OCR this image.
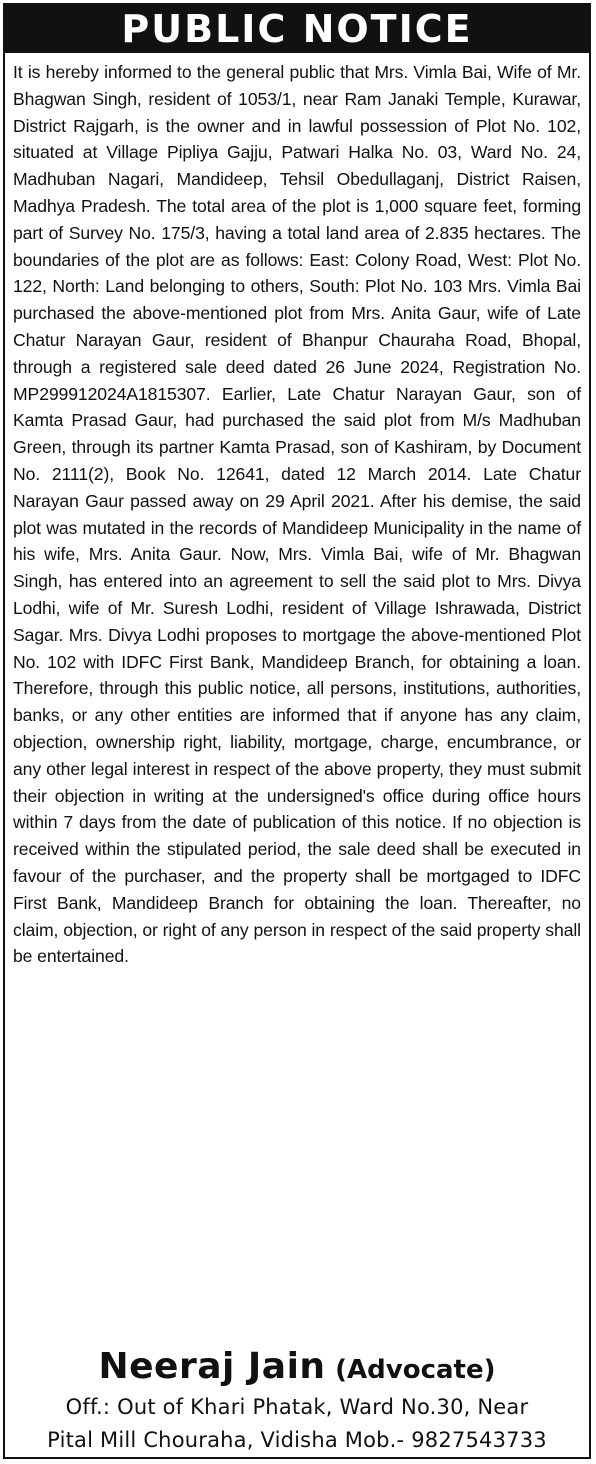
PUBLIC NOTICE

It is hereby informed to the general public that Mrs. Vimla Bai, Wife of Mr. Bhagwan Singh, resident of 1053/1, near Ram Janaki Temple, Kurawar, District Rajgarh, is the owner and in lawful possession of Plot No. 102, situated at Village Pipliya Gajju, Patwari Halka No. 03, Ward No. 24, Madhuban Nagari, Mandideep, Tehsil Obedullaganj, District Raisen, Madhya Pradesh. The total area of the plot is 1,000 square feet, forming part of Survey No. 175/3, having a total land area of 2.835 hectares. The boundaries of the plot are as follows: East: Colony Road, West: Plot No. 122, North: Land belonging to others, South: Plot No. 103 Mrs. Vimla Bai purchased the above-mentioned plot from Mrs. Anita Gaur, wife of Late Chatur Narayan Gaur, resident of Bhanpur Chauraha Road, Bhopal, through a registered sale deed dated 26 June 2024, Registration No. MP299912024A1815307. Earlier, Late Chatur Narayan Gaur, son of Kamta Prasad Gaur, had purchased the said plot from M/s Madhuban Green, through its partner Kamta Prasad, son of Kashiram, by Document No. 2111(2), Book No. 12641, dated 12 March 2014. Late Chatur Narayan Gaur passed away on 29 April 2021. After his demise, the said plot was mutated in the records of Mandideep Municipality in the name of his wife, Mrs. Anita Gaur. Now, Mrs. Vimla Bai, wife of Mr. Bhagwan Singh, has entered into an agreement to sell the said plot to Mrs. Divya Lodhi, wife of Mr. Suresh Lodhi, resident of Village Ishrawada, District Sagar. Mrs. Divya Lodhi proposes to mortgage the above-mentioned Plot No. 102 with IDFC First Bank, Mandideep Branch, for obtaining a loan. Therefore, through this public notice, all persons, institutions, authorities, banks, or any other entities are informed that if anyone has any claim, objection, ownership right, liability, mortgage, charge, encumbrance, or any other legal interest in respect of the above property, they must submit their objection in writing at the undersigned's office during office hours within 7 days from the date of publication of this notice. If no objection is received within the stipulated period, the sale deed shall be executed in favour of the purchaser, and the property shall be mortgaged to IDFC First Bank, Mandideep Branch for obtaining the loan. Thereafter, no claim, objection, or right of any person in respect of the said property shall be entertained.

Neeraj Jain (Advocate)
Off.: Out of Khari Phatak, Ward No.30, Near
Pital Mill Chouraha, Vidisha Mob.- 9827543733
